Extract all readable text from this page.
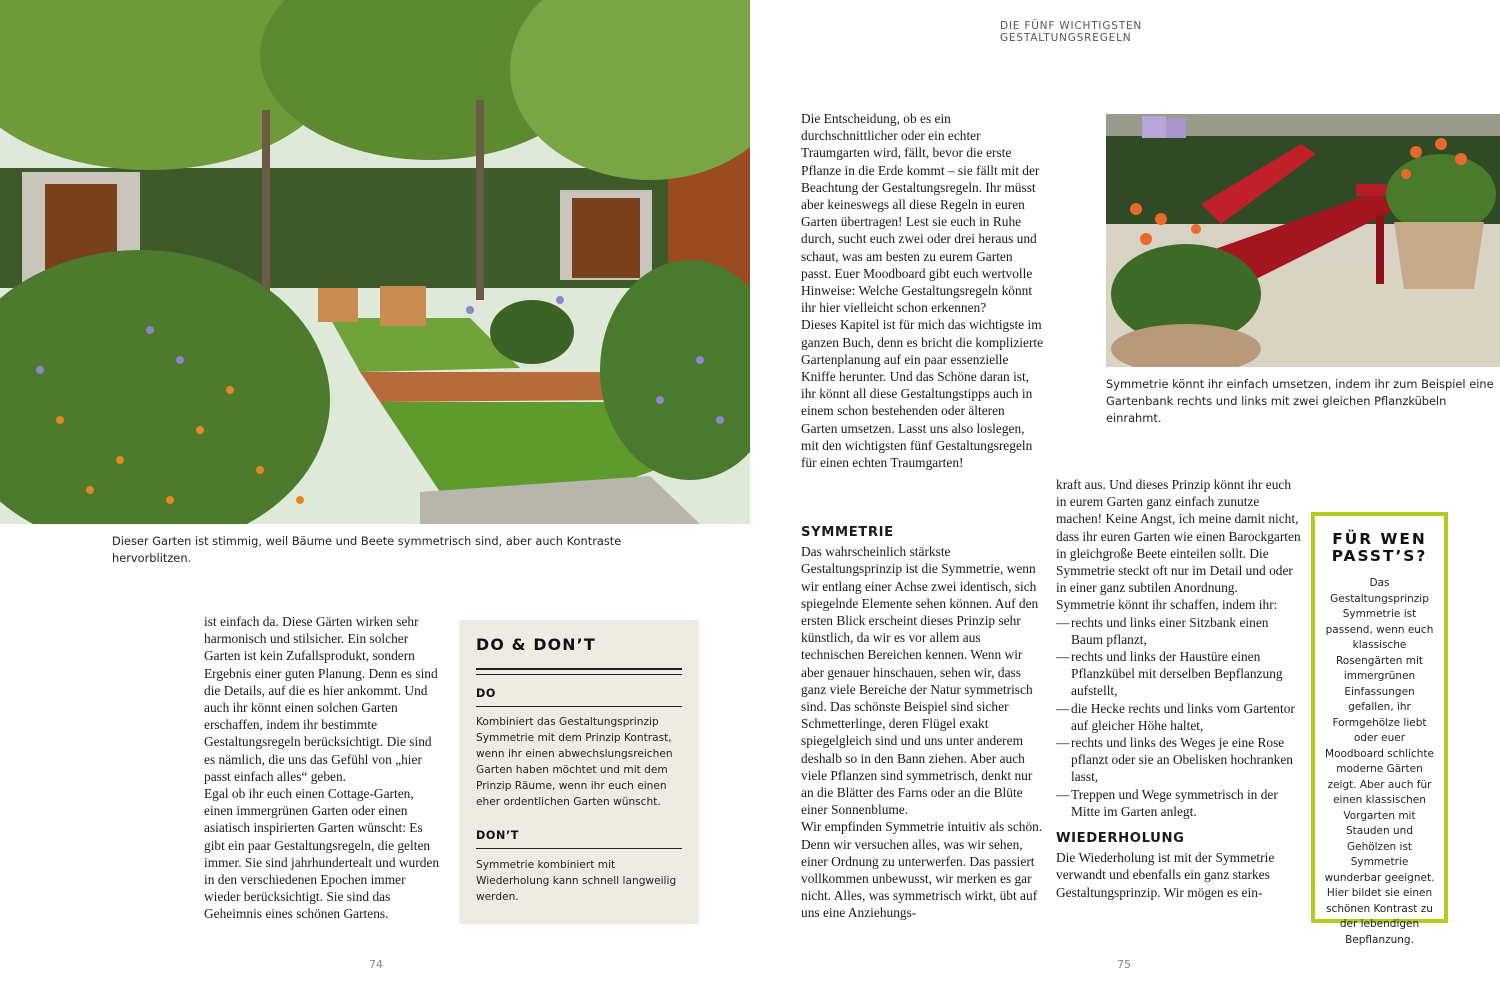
DIE FÜNF WICHTIGSTEN GESTALTUNGSREGELN
Dieser Garten ist stimmig, weil Bäume und Beete symmetrisch sind, aber auch Kontraste hervorblitzen.
Symmetrie könnt ihr einfach umsetzen, indem ihr zum Beispiel eine Gartenbank rechts und links mit zwei gleichen Pflanzkübeln einrahmt.

ist einfach da. Diese Gärten wirken sehr harmonisch und stilsicher. Ein solcher Garten ist kein Zufallsprodukt, sondern Ergebnis einer guten Planung. Denn es sind die Details, auf die es hier ankommt. Und auch ihr könnt einen solchen Garten erschaffen, indem ihr bestimmte Gestaltungsregeln berücksichtigt. Die sind es nämlich, die uns das Gefühl von „hier passt einfach alles“ geben.

Egal ob ihr euch einen Cottage-Garten, einen immergrünen Garten oder einen asiatisch inspirierten Garten wünscht: Es gibt ein paar Gestaltungsregeln, die gelten immer. Sie sind jahrhundertealt und wurden in den verschiedenen Epochen immer wieder berücksichtigt. Sie sind das Geheimnis eines schönen Gartens.

DO & DON’T
DO
Kombiniert das Gestaltungsprinzip Symmetrie mit dem Prinzip Kontrast, wenn ihr einen abwechslungsreichen Garten haben möchtet und mit dem Prinzip Räume, wenn ihr euch einen eher ordentlichen Garten wünscht.
DON’T
Symmetrie kombiniert mit Wiederholung kann schnell langweilig werden.
74

Die Entscheidung, ob es ein durchschnittlicher oder ein echter Traumgarten wird, fällt, bevor die erste Pflanze in die Erde kommt – sie fällt mit der Beachtung der Gestaltungsregeln. Ihr müsst aber keineswegs all diese Regeln in euren Garten übertragen! Lest sie euch in Ruhe durch, sucht euch zwei oder drei heraus und schaut, was am besten zu eurem Garten passt. Euer Moodboard gibt euch wertvolle Hinweise: Welche Gestaltungsregeln könnt ihr hier vielleicht schon erkennen?

Dieses Kapitel ist für mich das wichtigste im ganzen Buch, denn es bricht die komplizierte Gartenplanung auf ein paar essenzielle Kniffe herunter. Und das Schöne daran ist, ihr könnt all diese Gestaltungstipps auch in einem schon bestehenden oder älteren Garten umsetzen. Lasst uns also loslegen, mit den wichtigsten fünf Gestaltungsregeln für einen echten Traumgarten!

SYMMETRIE

Das wahrscheinlich stärkste Gestaltungsprinzip ist die Symmetrie, wenn wir entlang einer Achse zwei identisch, sich spiegelnde Elemente sehen können. Auf den ersten Blick erscheint dieses Prinzip sehr künstlich, da wir es vor allem aus technischen Bereichen kennen. Wenn wir aber genauer hinschauen, sehen wir, dass ganz viele Bereiche der Natur symmetrisch sind. Das schönste Beispiel sind sicher Schmetterlinge, deren Flügel exakt spiegelgleich sind und uns unter anderem deshalb so in den Bann ziehen. Aber auch viele Pflanzen sind symmetrisch, denkt nur an die Blätter des Farns oder an die Blüte einer Sonnenblume.

Wir empfinden Symmetrie intuitiv als schön. Denn wir versuchen alles, was wir sehen, einer Ordnung zu unterwerfen. Das passiert vollkommen unbewusst, wir merken es gar nicht. Alles, was symmetrisch wirkt, übt auf uns eine Anziehungs-

kraft aus. Und dieses Prinzip könnt ihr euch in eurem Garten ganz einfach zunutze machen! Keine Angst, ich meine damit nicht, dass ihr euren Garten wie einen Barockgarten in gleichgroße Beete einteilen sollt. Die Symmetrie steckt oft nur im Detail und oder in einer ganz subtilen Anordnung.

Symmetrie könnt ihr schaffen, indem ihr:

— rechts und links einer Sitzbank einen Baum pflanzt,
— rechts und links der Haustüre einen Pflanzkübel mit derselben Bepflanzung aufstellt,
— die Hecke rechts und links vom Gartentor auf gleicher Höhe haltet,
— rechts und links des Weges je eine Rose pflanzt oder sie an Obelisken hochranken lasst,
— Treppen und Wege symmetrisch in der Mitte im Garten anlegt.
WIEDERHOLUNG

Die Wiederholung ist mit der Symmetrie verwandt und ebenfalls ein ganz starkes Gestaltungsprinzip. Wir mögen es ein-

FÜR WEN
PASST’S?
Das Gestaltungsprinzip Symmetrie ist passend, wenn euch klassische Rosengärten mit immergrünen Einfassungen gefallen, ihr Formgehölze liebt oder euer Moodboard schlichte moderne Gärten zeigt. Aber auch für einen klassischen Vorgarten mit Stauden und Gehölzen ist Symmetrie wunderbar geeignet. Hier bildet sie einen schönen Kontrast zu der lebendigen Bepflanzung.
75
